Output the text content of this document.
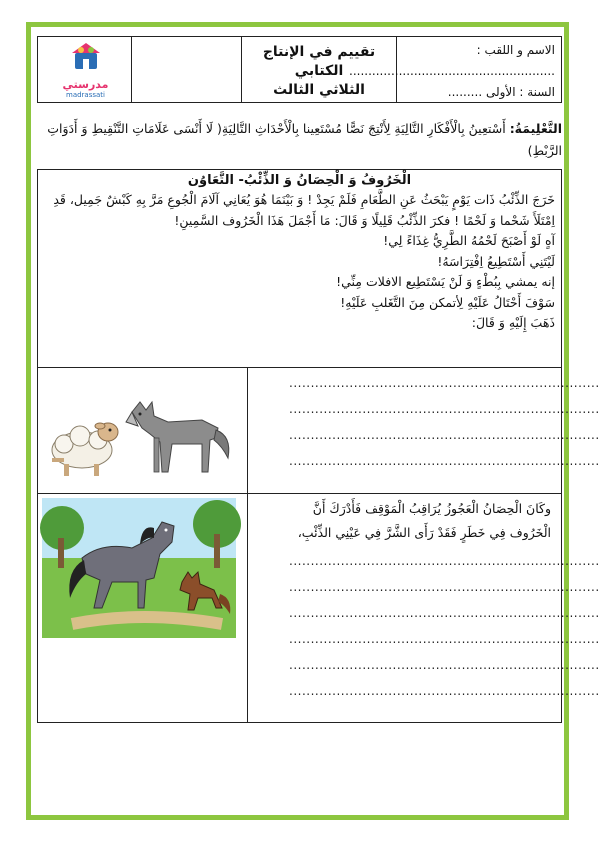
الاسم و اللقب :
......................................................
السنة : الأولى .........
تقييم في الإنتاج الكتابي
الثلاثي الثالث
مدرستي
madrassati
التَّعْلِيمَةُ: أَسْتعِينُ بِالْأَفْكَارِ التَّالِيَةِ لِأَنْتِجَ نَصًّا مُسْتَعِينا بِالْأَحْدَاثِ التَّالِيَةِ( لَا أَنْسَى عَلَامَاتِ التَّنْقِيطِ وَ أَدَوَاتِ الرَّبْطِ)
الْخَرُوفُ وَ الْحِصَانُ وَ الذِّئْبُ- التَّعَاوُن

خَرَجَ الذِّئْبُ ذَات يَوْمٍ يَبْحَثُ عَنِ الطَّعَامِ فَلَمْ يَجِدْ ! وَ بَيْنَمَا هُوَ يُعَانِي آلَامَ الْجُوعِ مَرَّ بِهِ كَبْشٌ جَمِيل، قَدِ اِمْتَلَأَ شَحْما وَ لَحْمًا ! فكرَ الذِّئْبُ قَلِيلًا وَ قَالَ: مَا أَجْمَلَ هَذَا الْخَرُوف السَّمِينِ!

آهٍ لَوْ أَصْبَحَ لَحْمُهُ الطَّرِيُّ غِذَاءً لِي!

لَيْتَنِي أَسْتَطِيعُ اِفْتِرَاسَهُ!

إنه يمشي بِبُطْءٍ وَ لَنْ يَسْتَطِيع الافلات مِنِّي!

سَوْفَ أَحْتَالُ عَلَيْهِ لِأتمكن مِنَ التَّغَلبِ عَلَيْهِ!

ذَهَبَ إِلَيْهِ وَ قَالَ:

........................................................................
........................................................................
........................................................................
........................................................................
وكَانَ الْحِصَانُ الْعَجُوزُ يُرَاقِبُ الْمَوْقِف فَأَدْرَكَ أَنَّ
الْخَرُوف فِي خَطَرٍ فَقَدْ رَأَى الشَّرَّ فِي عَيْنِي الذِّئْبِ،
........................................................................
........................................................................
........................................................................
........................................................................
........................................................................
........................................................................
